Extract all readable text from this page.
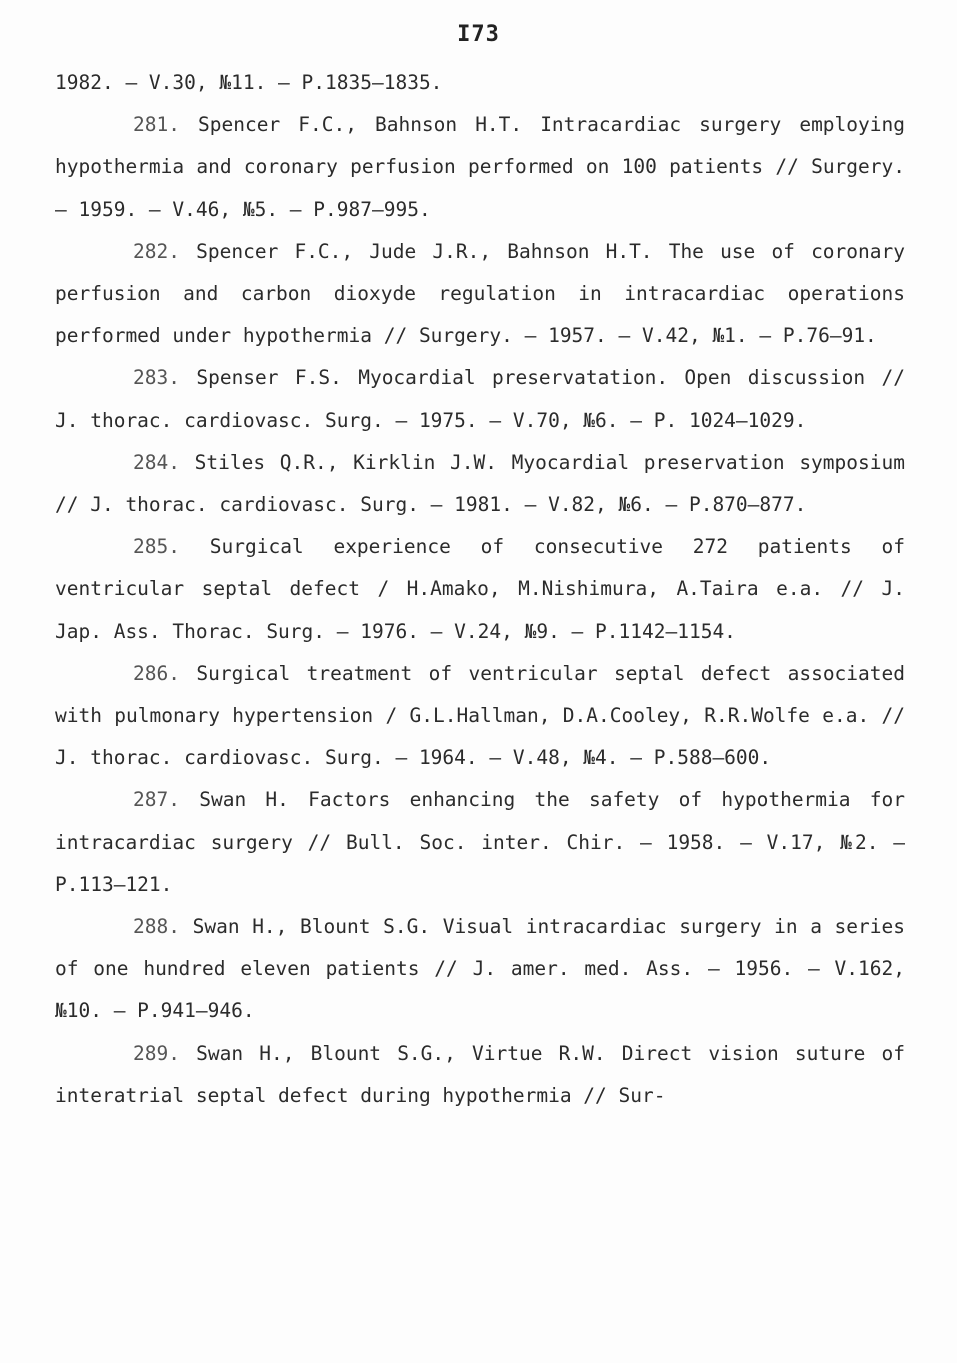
I73

1982. – V.30, №11. – P.1835–1835.

281. Spencer F.C., Bahnson H.T. Intracardiac surgery employing hypothermia and coronary perfusion performed on 100 patients // Surgery. – 1959. – V.46, №5. – P.987–995.

282. Spencer F.C., Jude J.R., Bahnson H.T. The use of coronary perfusion and carbon dioxyde regulation in intracardiac operations performed under hypothermia // Surgery. – 1957. – V.42, №1. – P.76–91.

283. Spenser F.S. Myocardial preservatation. Open discussion // J. thorac. cardiovasc. Surg. – 1975. – V.70, №6. – P. 1024–1029.

284. Stiles Q.R., Kirklin J.W. Myocardial preservation symposium // J. thorac. cardiovasc. Surg. – 1981. – V.82, №6. – P.870–877.

285. Surgical experience of consecutive 272 patients of ventricular septal defect / H.Amako, M.Nishimura, A.Taira e.a. // J. Jap. Ass. Thorac. Surg. – 1976. – V.24, №9. – P.1142–1154.

286. Surgical treatment of ventricular septal defect associated with pulmonary hypertension / G.L.Hallman, D.A.Cooley, R.R.Wolfe e.a. // J. thorac. cardiovasc. Surg. – 1964. – V.48, №4. – P.588–600.

287. Swan H. Factors enhancing the safety of hypothermia for intracardiac surgery // Bull. Soc. inter. Chir. – 1958. – V.17, №2. – P.113–121.

288. Swan H., Blount S.G. Visual intracardiac surgery in a series of one hundred eleven patients // J. amer. med. Ass. – 1956. – V.162, №10. – P.941–946.

289. Swan H., Blount S.G., Virtue R.W. Direct vision suture of interatrial septal defect during hypothermia // Sur-
